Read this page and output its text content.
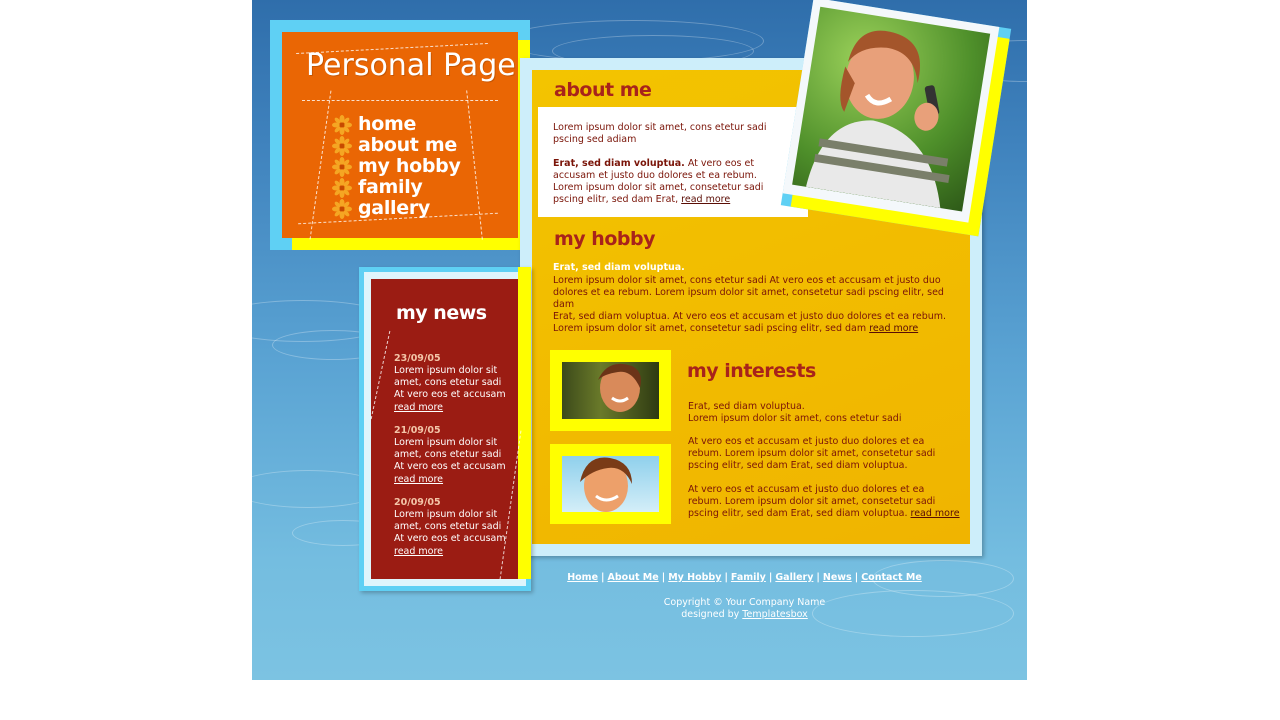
Personal Page
home
about me
my hobby
family
gallery
about me
Lorem ipsum dolor sit amet, cons etetur sadi pscing sed adiam
Erat, sed diam voluptua. At vero eos et accusam et justo duo dolores et ea rebum. Lorem ipsum dolor sit amet, consetetur sadi pscing elitr, sed dam Erat, read more
my hobby
Erat, sed diam voluptua.
Lorem ipsum dolor sit amet, cons etetur sadi At vero eos et accusam et justo duo dolores et ea rebum. Lorem ipsum dolor sit amet, consetetur sadi pscing elitr, sed dam
Erat, sed diam voluptua. At vero eos et accusam et justo duo dolores et ea rebum. Lorem ipsum dolor sit amet, consetetur sadi pscing elitr, sed dam read more
my interests
Erat, sed diam voluptua.
Lorem ipsum dolor sit amet, cons etetur sadi
At vero eos et accusam et justo duo dolores et ea rebum. Lorem ipsum dolor sit amet, consetetur sadi pscing elitr, sed dam Erat, sed diam voluptua.
At vero eos et accusam et justo duo dolores et ea rebum. Lorem ipsum dolor sit amet, consetetur sadi pscing elitr, sed dam Erat, sed diam voluptua. read more
my news
23/09/05
Lorem ipsum dolor sit amet, cons etetur sadi At vero eos et accusam
read more
21/09/05
Lorem ipsum dolor sit amet, cons etetur sadi At vero eos et accusam
read more
20/09/05
Lorem ipsum dolor sit amet, cons etetur sadi At vero eos et accusam
read more
Home | About Me | My Hobby | Family | Gallery | News | Contact Me
Copyright © Your Company Name
designed by Templatesbox
